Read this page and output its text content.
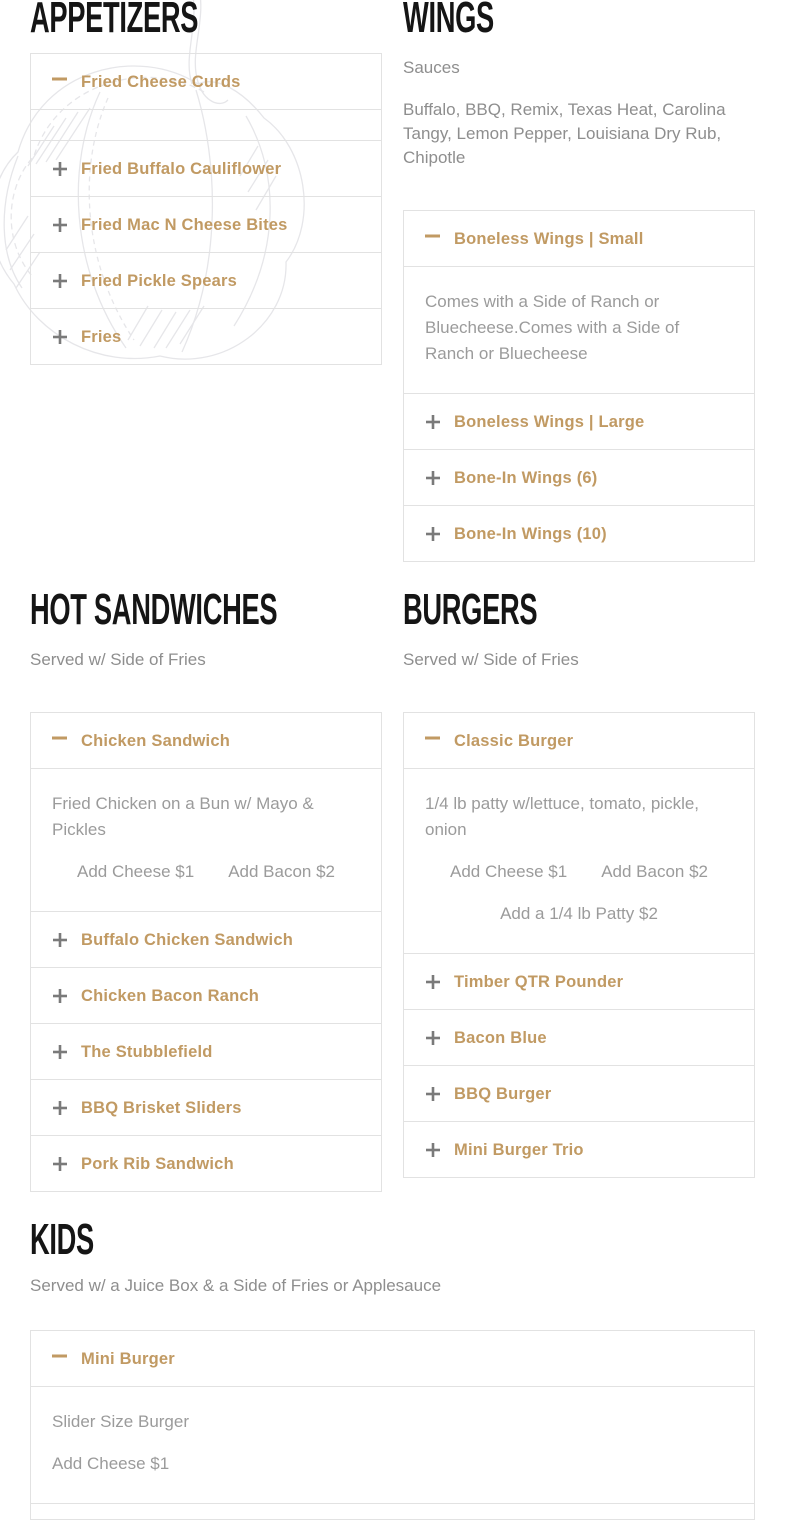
APPETIZERS
Fried Cheese Curds
Fried Buffalo Cauliflower
Fried Mac N Cheese Bites
Fried Pickle Spears
Fries
WINGS

Sauces

Buffalo, BBQ, Remix, Texas Heat, Carolina Tangy, Lemon Pepper, Louisiana Dry Rub, Chipotle

Boneless Wings | Small

Comes with a Side of Ranch or Bluecheese.Comes with a Side of Ranch or Bluecheese

Boneless Wings | Large
Bone-In Wings (6)
Bone-In Wings (10)
HOT SANDWICHES

Served w/ Side of Fries

Chicken Sandwich

Fried Chicken on a Bun w/ Mayo & Pickles

Add Cheese $1 Add Bacon $2

Buffalo Chicken Sandwich
Chicken Bacon Ranch
The Stubblefield
BBQ Brisket Sliders
Pork Rib Sandwich
BURGERS

Served w/ Side of Fries

Classic Burger

1/4 lb patty w/lettuce, tomato, pickle, onion

Add Cheese $1 Add Bacon $2

Add a 1/4 lb Patty $2

Timber QTR Pounder
Bacon Blue
BBQ Burger
Mini Burger Trio
KIDS

Served w/ a Juice Box & a Side of Fries or Applesauce

Mini Burger

Slider Size Burger

Add Cheese $1
